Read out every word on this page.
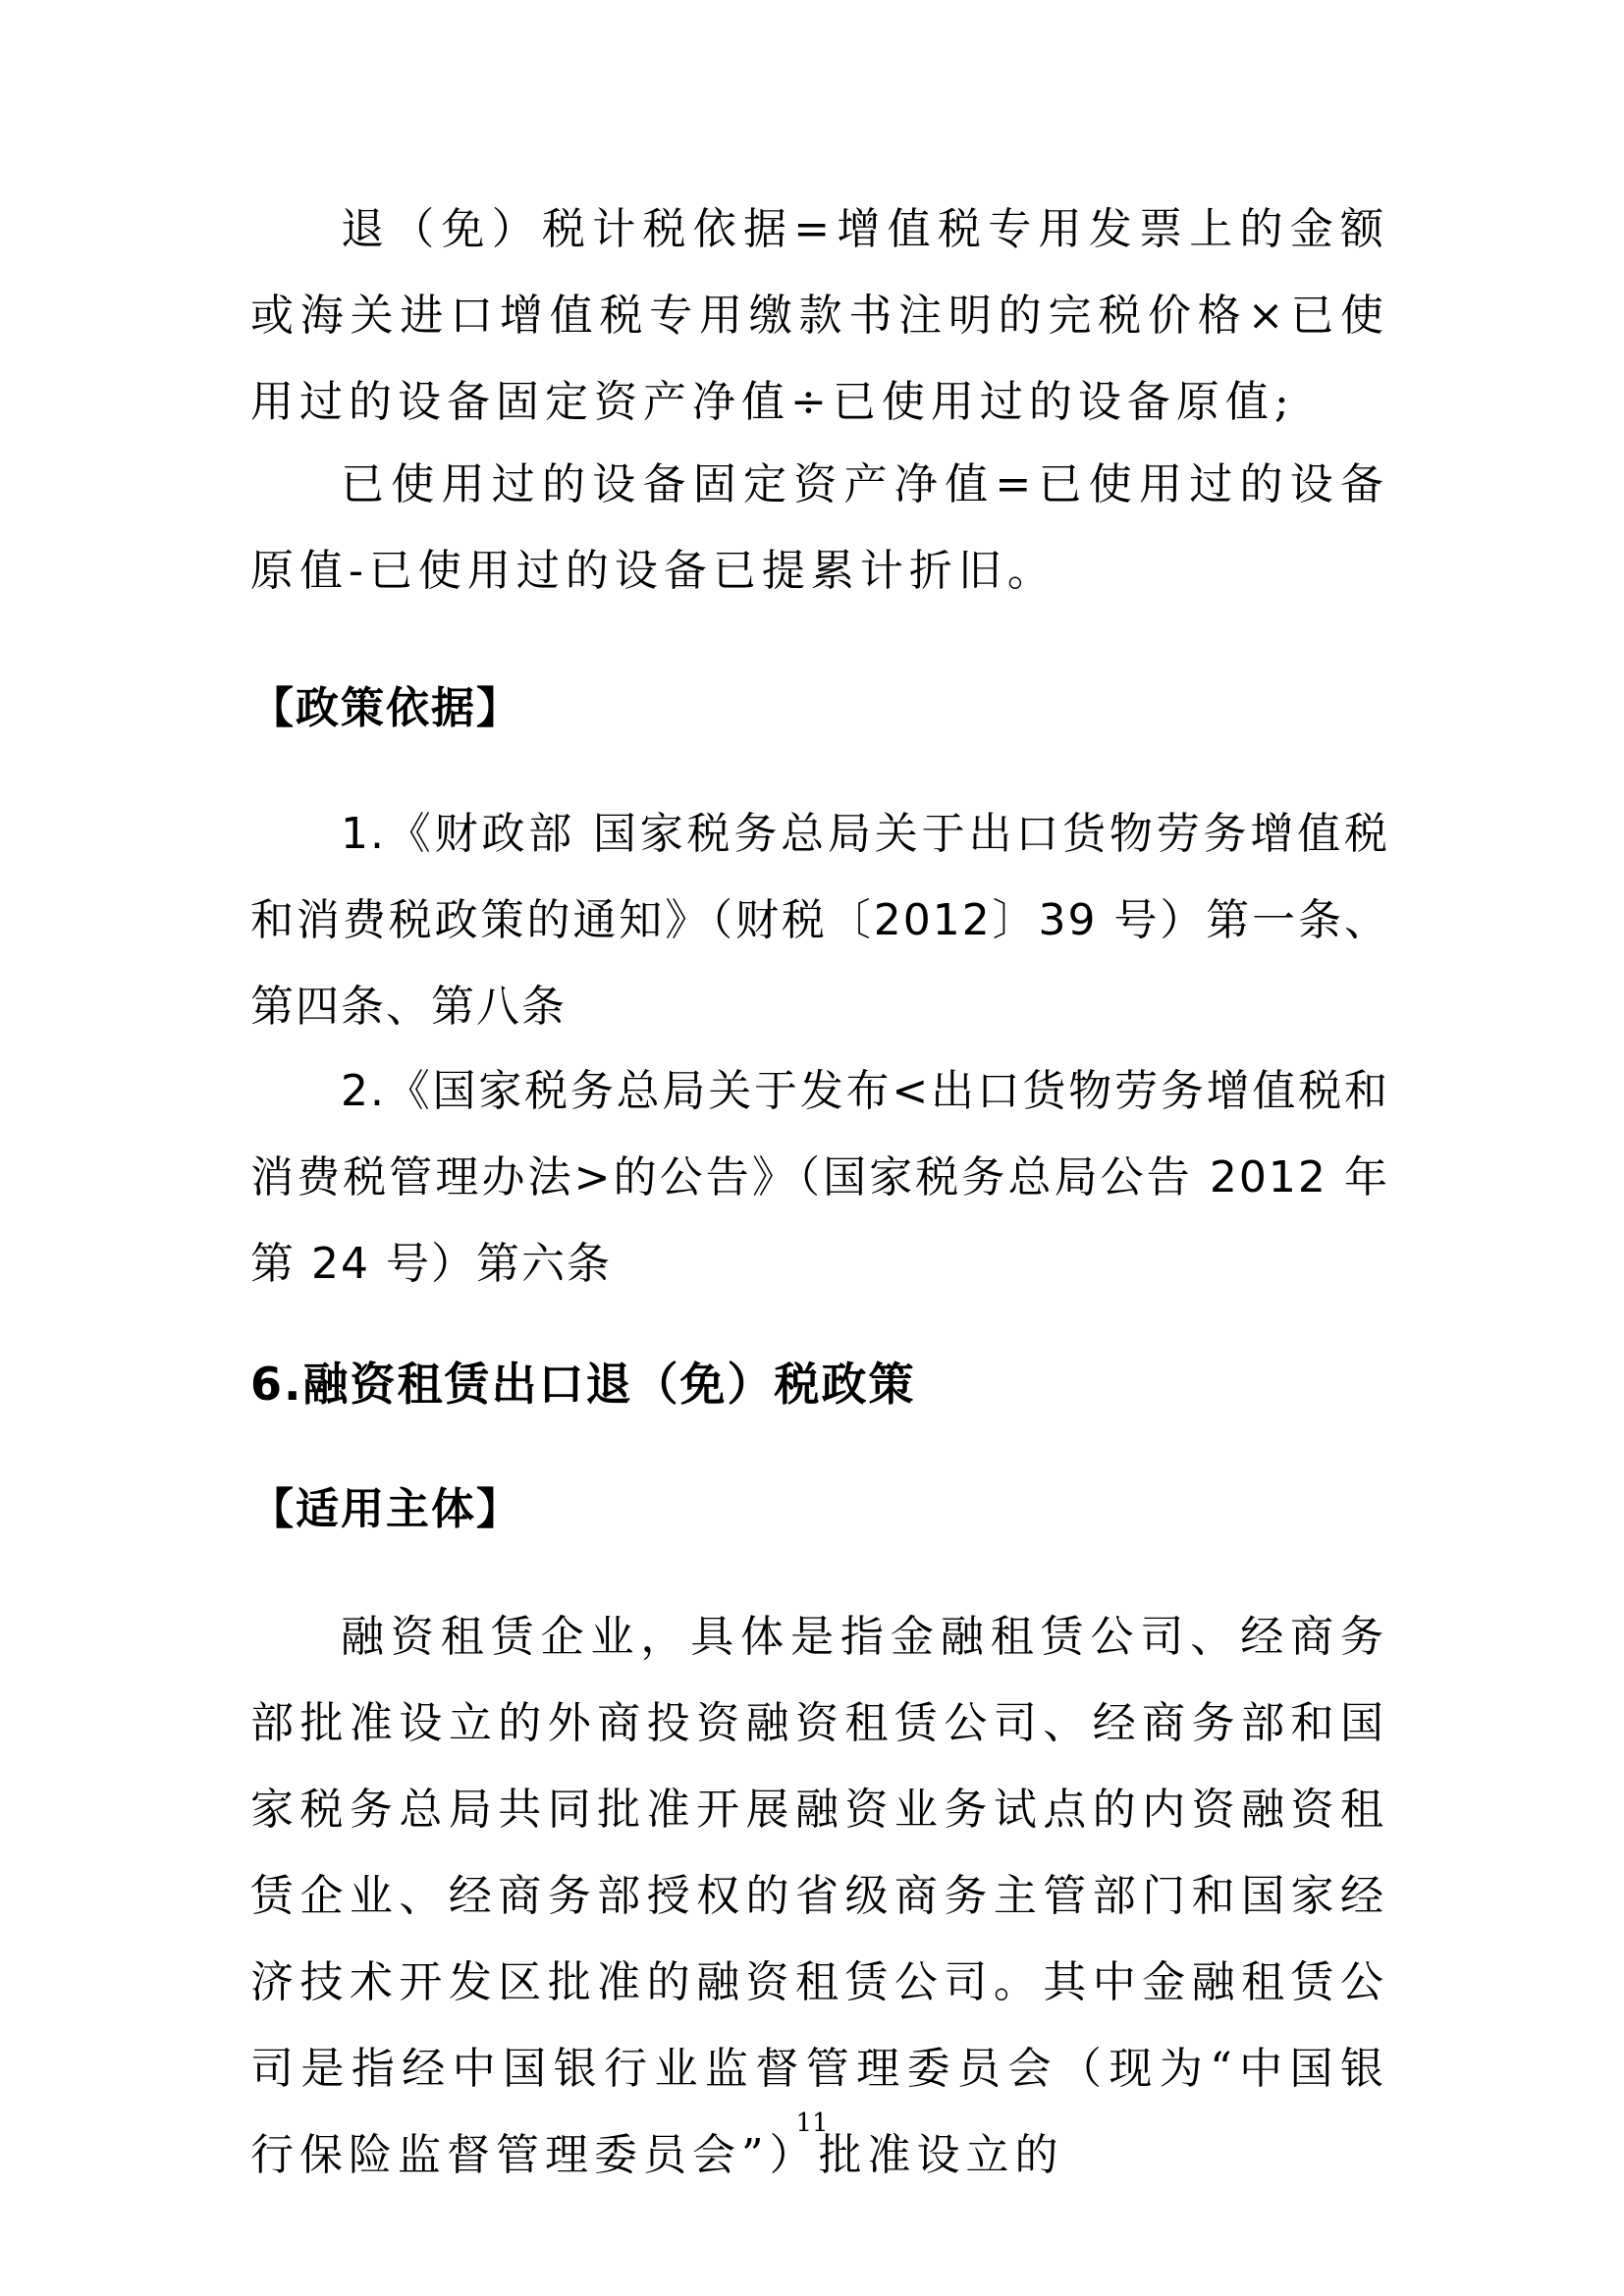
退（免）税计税依据=增值税专用发票上的金额或海关进口增值税专用缴款书注明的完税价格×已使用过的设备固定资产净值÷已使用过的设备原值;

已使用过的设备固定资产净值=已使用过的设备原值-已使用过的设备已提累计折旧。

【政策依据】

1.《财政部 国家税务总局关于出口货物劳务增值税和消费税政策的通知》（财税〔2012〕39 号）第一条、第四条、第八条

2.《国家税务总局关于发布<出口货物劳务增值税和消费税管理办法>的公告》（国家税务总局公告 2012 年第 24 号）第六条

6.融资租赁出口退（免）税政策
【适用主体】

融资租赁企业，具体是指金融租赁公司、经商务部批准设立的外商投资融资租赁公司、经商务部和国家税务总局共同批准开展融资业务试点的内资融资租赁企业、经商务部授权的省级商务主管部门和国家经济技术开发区批准的融资租赁公司。其中金融租赁公司是指经中国银行业监督管理委员会（现为“中国银行保险监督管理委员会”）批准设立的

11
